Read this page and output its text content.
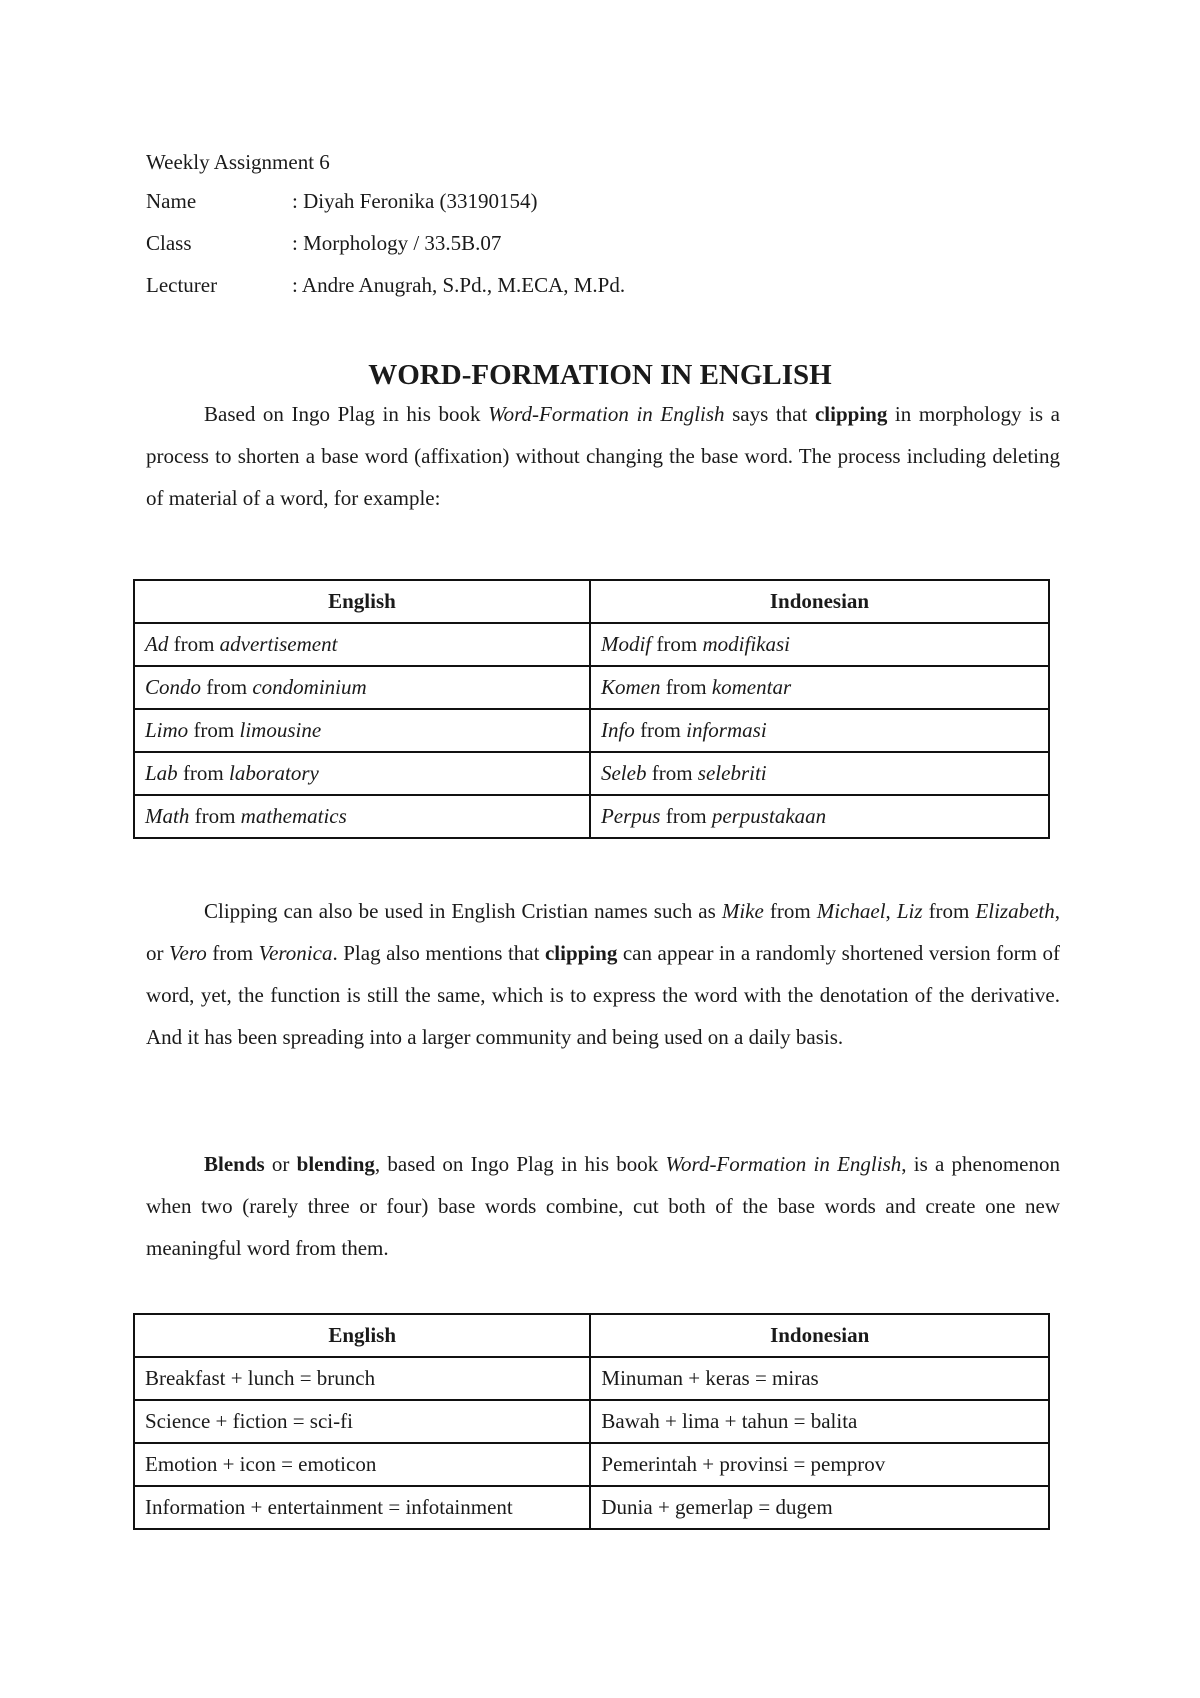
Weekly Assignment 6
Name	: Diyah Feronika (33190154)
Class	: Morphology / 33.5B.07
Lecturer	: Andre Anugrah, S.Pd., M.ECA, M.Pd.
WORD-FORMATION IN ENGLISH

Based on Ingo Plag in his book Word-Formation in English says that clipping in morphology is a process to shorten a base word (affixation) without changing the base word. The process including deleting of material of a word, for example:

English	Indonesian
Ad from advertisement	Modif from modifikasi
Condo from condominium	Komen from komentar
Limo from limousine	Info from informasi
Lab from laboratory	Seleb from selebriti
Math from mathematics	Perpus from perpustakaan

Clipping can also be used in English Cristian names such as Mike from Michael, Liz from Elizabeth, or Vero from Veronica. Plag also mentions that clipping can appear in a randomly shortened version form of word, yet, the function is still the same, which is to express the word with the denotation of the derivative. And it has been spreading into a larger community and being used on a daily basis.

Blends or blending, based on Ingo Plag in his book Word-Formation in English, is a phenomenon when two (rarely three or four) base words combine, cut both of the base words and create one new meaningful word from them.

English	Indonesian
Breakfast + lunch = brunch	Minuman + keras = miras
Science + fiction = sci-fi	Bawah + lima + tahun = balita
Emotion + icon = emoticon	Pemerintah + provinsi = pemprov
Information + entertainment = infotainment	Dunia + gemerlap = dugem
